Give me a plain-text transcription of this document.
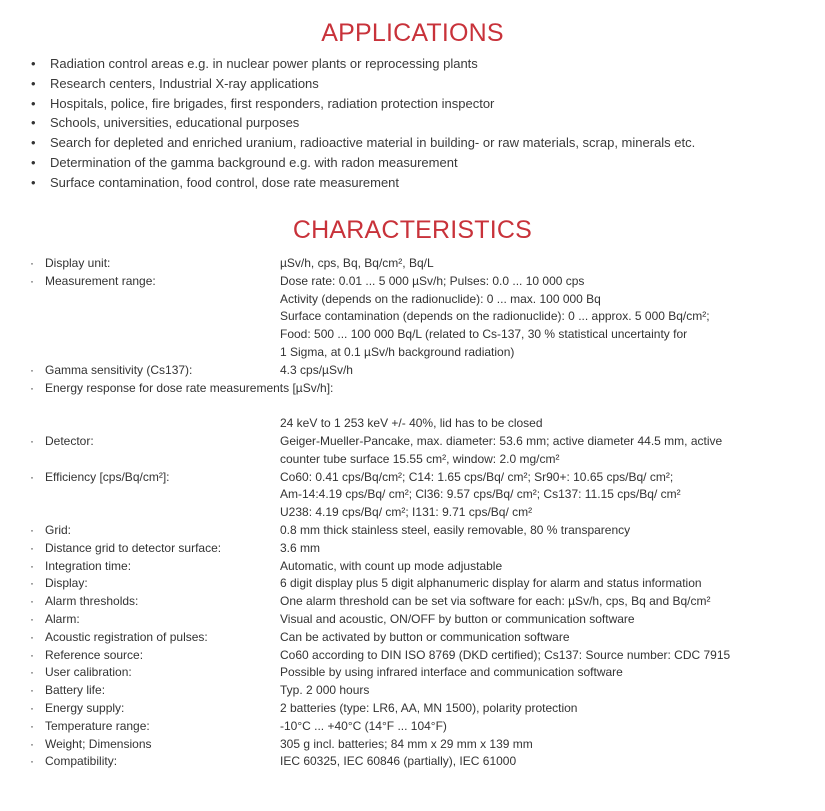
APPLICATIONS
• Radiation control areas e.g. in nuclear power plants or reprocessing plants
• Research centers, Industrial X-ray applications
• Hospitals, police, fire brigades, first responders, radiation protection inspector
• Schools, universities, educational purposes
• Search for depleted and enriched uranium, radioactive material in building- or raw materials, scrap, minerals etc.
• Determination of the gamma background e.g. with radon measurement
• Surface contamination, food control, dose rate measurement
CHARACTERISTICS
· Display unit:	µSv/h, cps, Bq, Bq/cm², Bq/L
· Measurement range:	Dose rate: 0.01 ... 5 000 µSv/h; Pulses: 0.0 ... 10 000 cps
Activity (depends on the radionuclide): 0 ... max. 100 000 Bq
Surface contamination (depends on the radionuclide): 0 ... approx. 5 000 Bq/cm²;
Food: 500 ... 100 000 Bq/L (related to Cs-137, 30 % statistical uncertainty for
1 Sigma, at 0.1 µSv/h background radiation)
· Gamma sensitivity (Cs137):	4.3 cps/µSv/h
· Energy response for dose rate measurements [µSv/h]:
24 keV to 1 253 keV +/- 40%, lid has to be closed
· Detector:	Geiger-Mueller-Pancake, max. diameter: 53.6 mm; active diameter 44.5 mm, active
counter tube surface 15.55 cm², window: 2.0 mg/cm²
· Efficiency [cps/Bq/cm²]:	Co60: 0.41 cps/Bq/cm²; C14: 1.65 cps/Bq/ cm²; Sr90+: 10.65 cps/Bq/ cm²;
Am-14:4.19 cps/Bq/ cm²; Cl36: 9.57 cps/Bq/ cm²; Cs137: 11.15 cps/Bq/ cm²
U238: 4.19 cps/Bq/ cm²; I131: 9.71 cps/Bq/ cm²
· Grid:	0.8 mm thick stainless steel, easily removable, 80 % transparency
· Distance grid to detector surface:	3.6 mm
· Integration time:	Automatic, with count up mode adjustable
· Display:	6 digit display plus 5 digit alphanumeric display for alarm and status information
· Alarm thresholds:	One alarm threshold can be set via software for each: µSv/h, cps, Bq and Bq/cm²
· Alarm:	Visual and acoustic, ON/OFF by button or communication software
· Acoustic registration of pulses:	Can be activated by button or communication software
· Reference source:	Co60 according to DIN ISO 8769 (DKD certified); Cs137: Source number: CDC 7915
· User calibration:	Possible by using infrared interface and communication software
· Battery life:	Typ. 2 000 hours
· Energy supply:	2 batteries (type: LR6, AA, MN 1500), polarity protection
· Temperature range:	-10°C ... +40°C (14°F ... 104°F)
· Weight; Dimensions	305 g incl. batteries; 84 mm x 29 mm x 139 mm
· Compatibility:	IEC 60325, IEC 60846 (partially), IEC 61000
